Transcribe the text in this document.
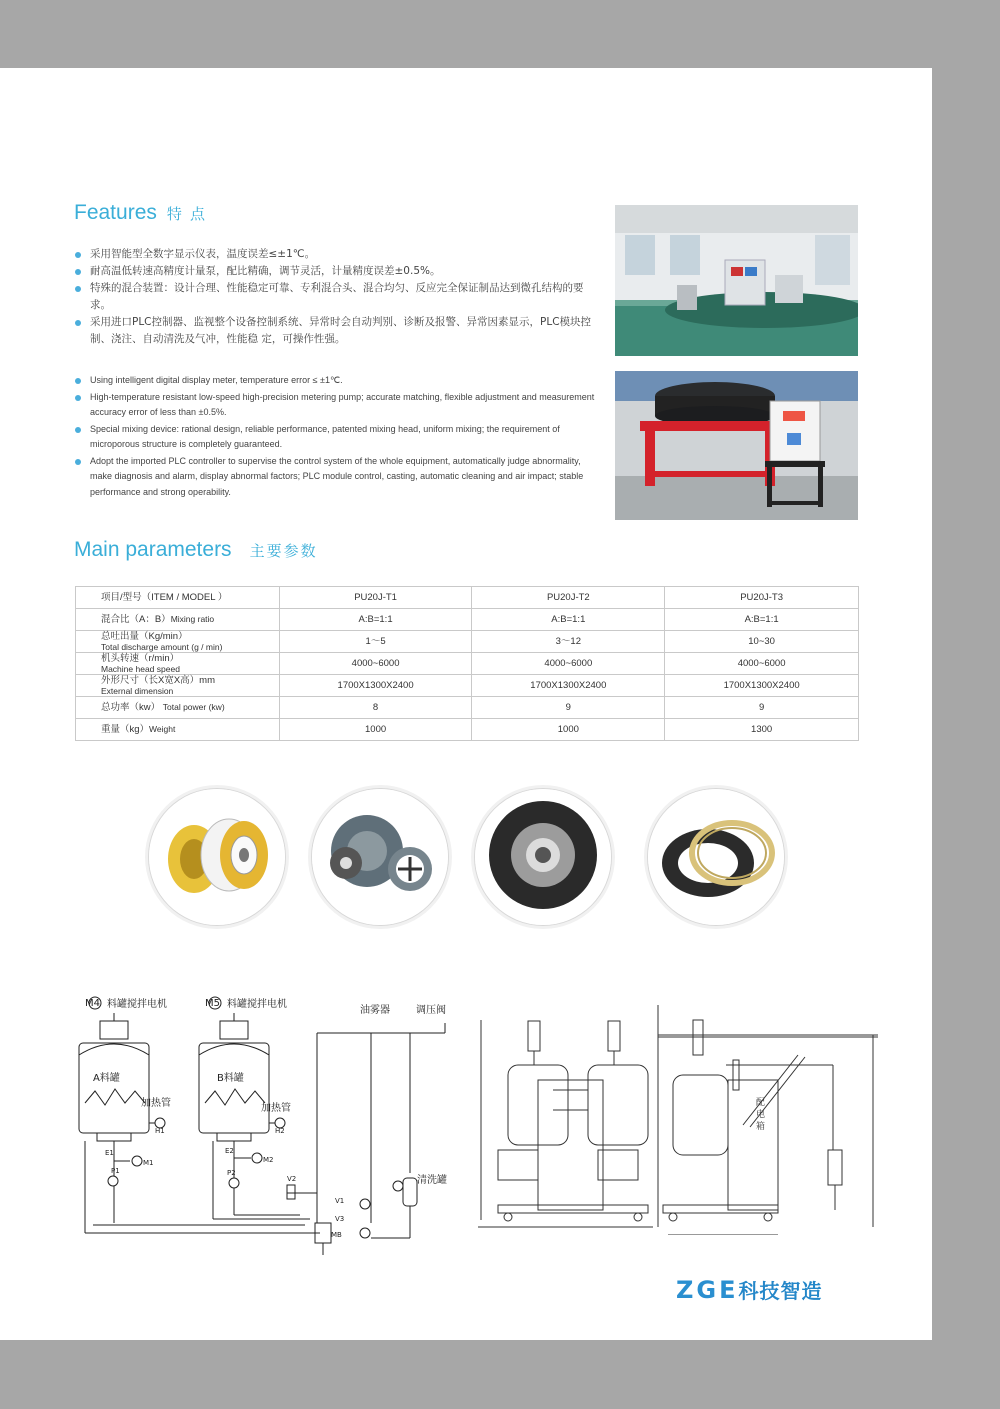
Features 特 点
采用智能型全数字显示仪表，温度误差≤±1℃。
耐高温低转速高精度计量泵，配比精确，调节灵活，计量精度误差±0.5%。
特殊的混合装置：设计合理、性能稳定可靠、专利混合头、混合均匀、反应完全保证制品达到微孔结构的要求。
采用进口PLC控制器、监视整个设备控制系统、异常时会自动判别、诊断及报警、异常因素显示，PLC模块控制、浇注、自动清洗及气冲，性能稳 定，可操作性强。
Using intelligent digital display meter, temperature error ≤ ±1℃.
High-temperature resistant low-speed high-precision metering pump; accurate matching, flexible adjustment and measurement accuracy error of less than ±0.5%.
Special mixing device: rational design, reliable performance, patented mixing head, uniform mixing; the requirement of microporous structure is completely guaranteed.
Adopt the imported PLC controller to supervise the control system of the whole equipment, automatically judge abnormality, make diagnosis and alarm, display abnormal factors; PLC module control, casting, automatic cleaning and air impact; stable performance and strong operability.
Main parameters 主要参数
项目/型号（ITEM / MODEL ）	PU20J-T1	PU20J-T2	PU20J-T3
混合比（A：B）Mixing ratio	A:B=1:1	A:B=1:1	A:B=1:1

总吐出量（Kg/min）
Total discharge amount (g / min)	1～5	3～12	10~30

机头转速（r/min）
Machine head speed	4000~6000	4000~6000	4000~6000

外形尺寸（长X宽X高）mm
External dimension	1700X1300X2400	1700X1300X2400	1700X1300X2400
总功率（kw） Total power (kw)	8	9	9
重量（kg）Weight	1000	1000	1300
M4	M5
料罐搅拌电机	料罐搅拌电机
A料罐	B料罐
加热管	加热管
油雾器	调压阀
清洗罐
H1	H2
E1	E2
P1	P2
M1	M2
V1
V2
V3
MB
配
电
箱
ZGE科技智造
